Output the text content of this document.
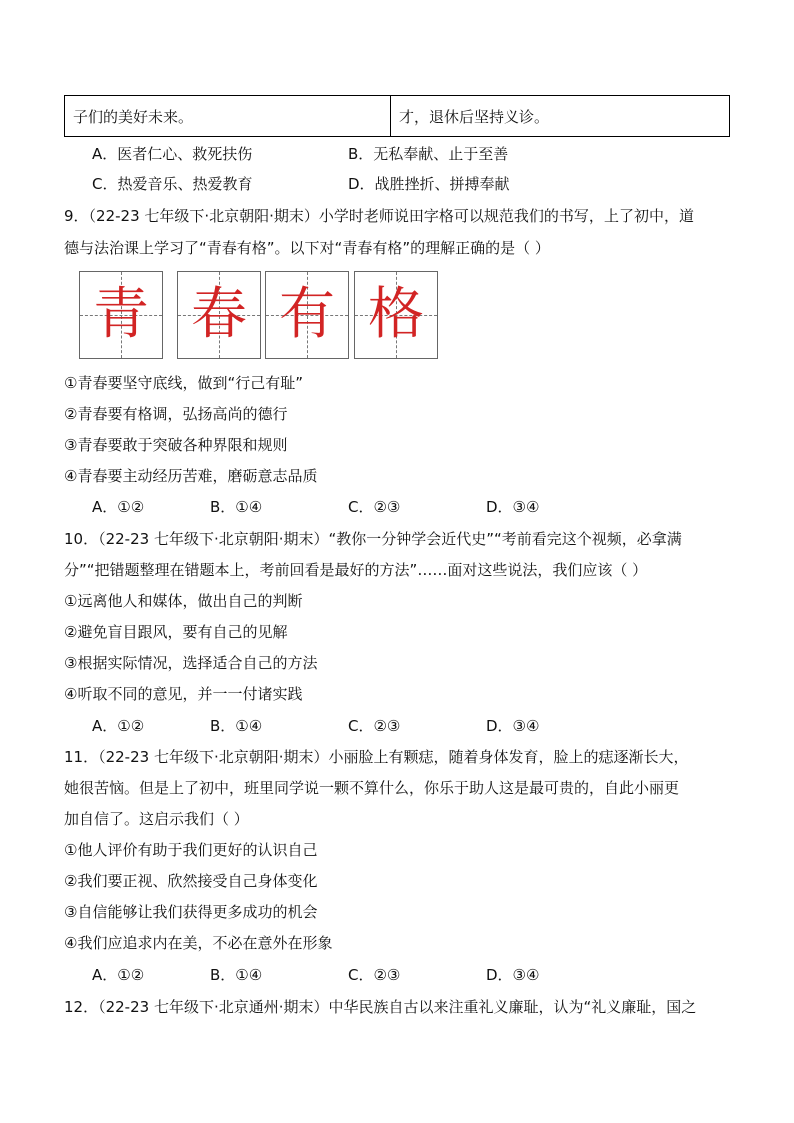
子们的美好未来。	才，退休后坚持义诊。
A．医者仁心、救死扶伤	B．无私奉献、止于至善
C．热爱音乐、热爱教育	D．战胜挫折、拼搏奉献
9．（22-23 七年级下·北京朝阳·期末）小学时老师说田字格可以规范我们的书写，上了初中，道
德与法治课上学习了“青春有格”。以下对“青春有格”的理解正确的是（ ）
青 春 有 格
①青春要坚守底线，做到“行己有耻”
②青春要有格调，弘扬高尚的德行
③青春要敢于突破各种界限和规则
④青春要主动经历苦难，磨砺意志品质
A．①②	B．①④	C．②③	D．③④
10．（22-23 七年级下·北京朝阳·期末）“教你一分钟学会近代史”“考前看完这个视频，必拿满
分”“把错题整理在错题本上，考前回看是最好的方法”……面对这些说法，我们应该（ ）
①远离他人和媒体，做出自己的判断
②避免盲目跟风，要有自己的见解
③根据实际情况，选择适合自己的方法
④听取不同的意见，并一一付诸实践
A．①②	B．①④	C．②③	D．③④
11．（22-23 七年级下·北京朝阳·期末）小丽脸上有颗痣，随着身体发育，脸上的痣逐渐长大，
她很苦恼。但是上了初中，班里同学说一颗不算什么，你乐于助人这是最可贵的，自此小丽更
加自信了。这启示我们（ ）
①他人评价有助于我们更好的认识自己
②我们要正视、欣然接受自己身体变化
③自信能够让我们获得更多成功的机会
④我们应追求内在美，不必在意外在形象
A．①②	B．①④	C．②③	D．③④
12．（22-23 七年级下·北京通州·期末）中华民族自古以来注重礼义廉耻，认为“礼义廉耻，国之
